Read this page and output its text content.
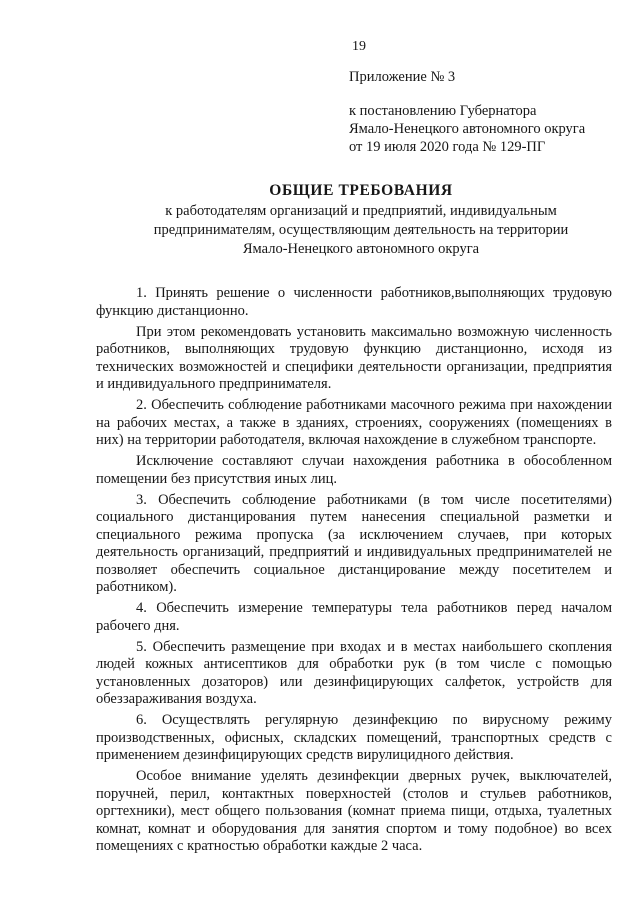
19

Приложение № 3

к постановлению Губернатора

Ямало-Ненецкого автономного округа

от 19 июля 2020 года № 129-ПГ

ОБЩИЕ ТРЕБОВАНИЯ

к работодателям организаций и предприятий, индивидуальным

предпринимателям, осуществляющим деятельность на территории

Ямало-Ненецкого автономного округа

1. Принять решение о численности работников,выполняющих трудовую функцию дистанционно.

При этом рекомендовать установить максимально возможную численность работников, выполняющих трудовую функцию дистанционно, исходя из технических возможностей и специфики деятельности организации, предприятия и индивидуального предпринимателя.

2. Обеспечить соблюдение работниками масочного режима при нахождении на рабочих местах, а также в зданиях, строениях, сооружениях (помещениях в них) на территории работодателя, включая нахождение в служебном транспорте.

Исключение составляют случаи нахождения работника в обособленном помещении без присутствия иных лиц.

3. Обеспечить соблюдение работниками (в том числе посетителями) социального дистанцирования путем нанесения специальной разметки и специального режима пропуска (за исключением случаев, при которых деятельность организаций, предприятий и индивидуальных предпринимателей не позволяет обеспечить социальное дистанцирование между посетителем и работником).

4. Обеспечить измерение температуры тела работников перед началом рабочего дня.

5. Обеспечить размещение при входах и в местах наибольшего скопления людей кожных антисептиков для обработки рук (в том числе с помощью установленных дозаторов) или дезинфицирующих салфеток, устройств для обеззараживания воздуха.

6. Осуществлять регулярную дезинфекцию по вирусному режиму производственных, офисных, складских помещений, транспортных средств с применением дезинфицирующих средств вирулицидного действия.

Особое внимание уделять дезинфекции дверных ручек, выключателей, поручней, перил, контактных поверхностей (столов и стульев работников, оргтехники), мест общего пользования (комнат приема пищи, отдыха, туалетных комнат, комнат и оборудования для занятия спортом и тому подобное) во всех помещениях с кратностью обработки каждые 2 часа.
